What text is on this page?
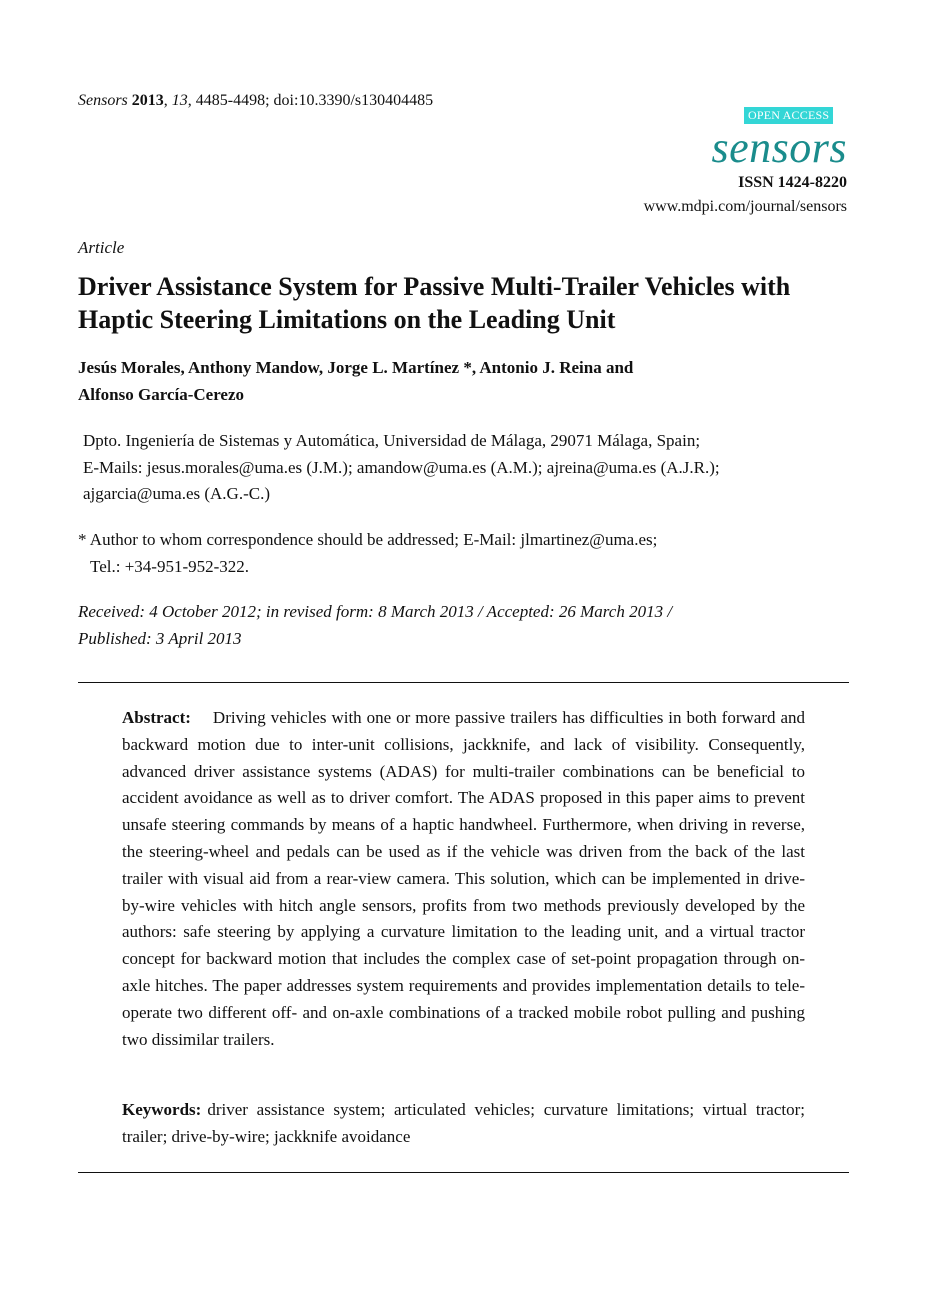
Sensors 2013, 13, 4485-4498; doi:10.3390/s130404485
OPEN ACCESS
sensors
ISSN 1424-8220
www.mdpi.com/journal/sensors
Article
Driver Assistance System for Passive Multi-Trailer Vehicles with Haptic Steering Limitations on the Leading Unit
Jesús Morales, Anthony Mandow, Jorge L. Martínez *, Antonio J. Reina and
Alfonso García-Cerezo
Dpto. Ingeniería de Sistemas y Automática, Universidad de Málaga, 29071 Málaga, Spain;
E-Mails: jesus.morales@uma.es (J.M.); amandow@uma.es (A.M.); ajreina@uma.es (A.J.R.);
ajgarcia@uma.es (A.G.-C.)
* Author to whom correspondence should be addressed; E-Mail: jlmartinez@uma.es;
Tel.: +34-951-952-322.
Received: 4 October 2012; in revised form: 8 March 2013 / Accepted: 26 March 2013 /
Published: 3 April 2013

Abstract: Driving vehicles with one or more passive trailers has difficulties in both forward and backward motion due to inter-unit collisions, jackknife, and lack of visibility. Consequently, advanced driver assistance systems (ADAS) for multi-trailer combinations can be beneficial to accident avoidance as well as to driver comfort. The ADAS proposed in this paper aims to prevent unsafe steering commands by means of a haptic handwheel. Furthermore, when driving in reverse, the steering-wheel and pedals can be used as if the vehicle was driven from the back of the last trailer with visual aid from a rear-view camera. This solution, which can be implemented in drive-by-wire vehicles with hitch angle sensors, profits from two methods previously developed by the authors: safe steering by applying a curvature limitation to the leading unit, and a virtual tractor concept for backward motion that includes the complex case of set-point propagation through on-axle hitches. The paper addresses system requirements and provides implementation details to tele-operate two different off- and on-axle combinations of a tracked mobile robot pulling and pushing two dissimilar trailers.

Keywords: driver assistance system; articulated vehicles; curvature limitations; virtual tractor; trailer; drive-by-wire; jackknife avoidance
